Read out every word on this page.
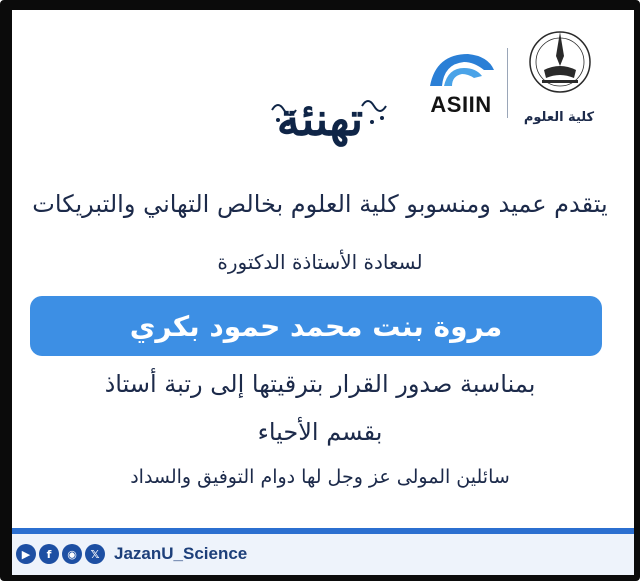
كلية العلوم
ASIIN
تهنئة
يتقدم عميد ومنسوبو كلية العلوم بخالص التهاني والتبريكات
لسعادة الأستاذة الدكتورة
مروة بنت محمد حمود بكري
بمناسبة صدور القرار بترقيتها إلى رتبة أستاذ
بقسم الأحياء
سائلين المولى عز وجل لها دوام التوفيق والسداد
▶	f	◉	𝕏 JazanU_Science
